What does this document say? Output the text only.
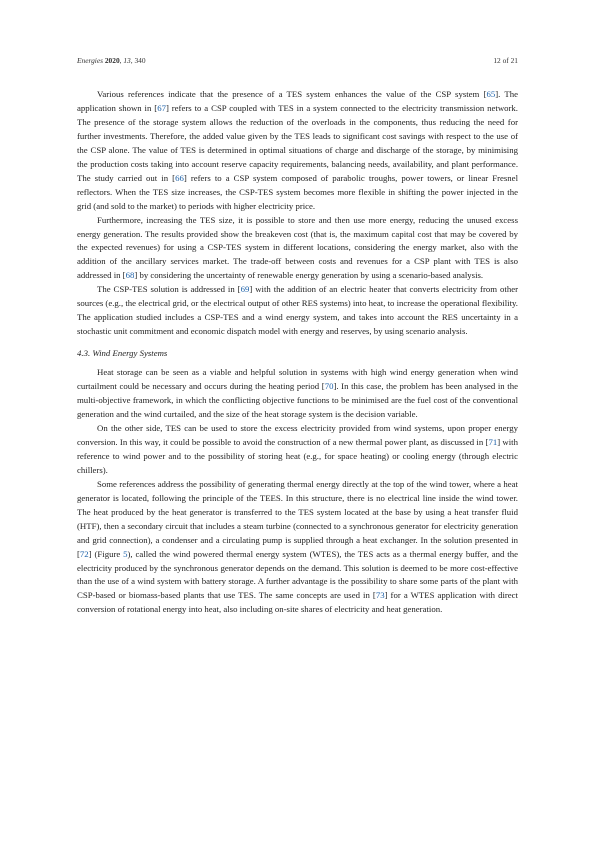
Energies 2020, 13, 340	12 of 21

Various references indicate that the presence of a TES system enhances the value of the CSP system [65]. The application shown in [67] refers to a CSP coupled with TES in a system connected to the electricity transmission network. The presence of the storage system allows the reduction of the overloads in the components, thus reducing the need for further investments. Therefore, the added value given by the TES leads to significant cost savings with respect to the use of the CSP alone. The value of TES is determined in optimal situations of charge and discharge of the storage, by minimising the production costs taking into account reserve capacity requirements, balancing needs, availability, and plant performance. The study carried out in [66] refers to a CSP system composed of parabolic troughs, power towers, or linear Fresnel reflectors. When the TES size increases, the CSP-TES system becomes more flexible in shifting the power injected in the grid (and sold to the market) to periods with higher electricity price.

Furthermore, increasing the TES size, it is possible to store and then use more energy, reducing the unused excess energy generation. The results provided show the breakeven cost (that is, the maximum capital cost that may be covered by the expected revenues) for using a CSP-TES system in different locations, considering the energy market, also with the addition of the ancillary services market. The trade-off between costs and revenues for a CSP plant with TES is also addressed in [68] by considering the uncertainty of renewable energy generation by using a scenario-based analysis.

The CSP-TES solution is addressed in [69] with the addition of an electric heater that converts electricity from other sources (e.g., the electrical grid, or the electrical output of other RES systems) into heat, to increase the operational flexibility. The application studied includes a CSP-TES and a wind energy system, and takes into account the RES uncertainty in a stochastic unit commitment and economic dispatch model with energy and reserves, by using scenario analysis.

4.3. Wind Energy Systems

Heat storage can be seen as a viable and helpful solution in systems with high wind energy generation when wind curtailment could be necessary and occurs during the heating period [70]. In this case, the problem has been analysed in the multi-objective framework, in which the conflicting objective functions to be minimised are the fuel cost of the conventional generation and the wind curtailed, and the size of the heat storage system is the decision variable.

On the other side, TES can be used to store the excess electricity provided from wind systems, upon proper energy conversion. In this way, it could be possible to avoid the construction of a new thermal power plant, as discussed in [71] with reference to wind power and to the possibility of storing heat (e.g., for space heating) or cooling energy (through electric chillers).

Some references address the possibility of generating thermal energy directly at the top of the wind tower, where a heat generator is located, following the principle of the TEES. In this structure, there is no electrical line inside the wind tower. The heat produced by the heat generator is transferred to the TES system located at the base by using a heat transfer fluid (HTF), then a secondary circuit that includes a steam turbine (connected to a synchronous generator for electricity generation and grid connection), a condenser and a circulating pump is supplied through a heat exchanger. In the solution presented in [72] (Figure 5), called the wind powered thermal energy system (WTES), the TES acts as a thermal energy buffer, and the electricity produced by the synchronous generator depends on the demand. This solution is deemed to be more cost-effective than the use of a wind system with battery storage. A further advantage is the possibility to share some parts of the plant with CSP-based or biomass-based plants that use TES. The same concepts are used in [73] for a WTES application with direct conversion of rotational energy into heat, also including on-site shares of electricity and heat generation.
